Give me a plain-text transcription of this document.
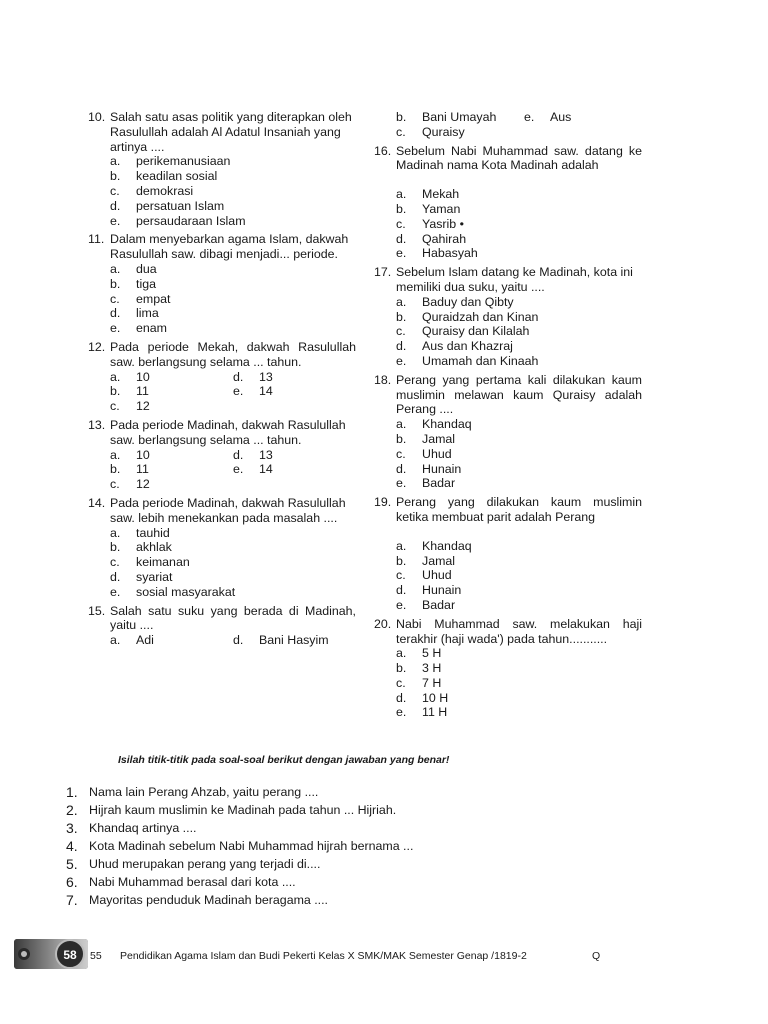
10. Salah satu asas politik yang diterapkan oleh
Rasulullah adalah Al Adatul Insaniah yang
artinya ....
a.	perikemanusiaan
b.	keadilan sosial
c.	demokrasi
d.	persatuan Islam
e.	persaudaraan Islam
11. Dalam menyebarkan agama Islam, dakwah
Rasulullah saw. dibagi menjadi... periode.
a.	dua
b.	tiga
c.	empat
d.	lima
e.	enam
12. Pada periode Mekah, dakwah Rasulullah saw. berlangsung selama ... tahun.
a.	10	d.	13
b.	11	e.	14
c.	12
13. Pada periode Madinah, dakwah Rasulullah
saw. berlangsung selama ... tahun.
a.	10	d.	13
b.	11	e.	14
c.	12
14. Pada periode Madinah, dakwah Rasulullah
saw. lebih menekankan pada masalah ....
a.	tauhid
b.	akhlak
c.	keimanan
d.	syariat
e.	sosial masyarakat
15. Salah satu suku yang berada di Madinah, yaitu ....
a.	Adi	d.	Bani Hasyim
b.	Bani Umayah e.	Aus
c.	Quraisy
16. Sebelum Nabi Muhammad saw. datang ke Madinah nama Kota Madinah adalah
a.	Mekah
b.	Yaman
c.	Yasrib •
d.	Qahirah
e.	Habasyah
17. Sebelum Islam datang ke Madinah, kota ini
memiliki dua suku, yaitu ....
a.	Baduy dan Qibty
b.	Quraidzah dan Kinan
c.	Quraisy dan Kilalah
d.	Aus dan Khazraj
e.	Umamah dan Kinaah
18. Perang yang pertama kali dilakukan kaum muslimin melawan kaum Quraisy adalah Perang ....
a.	Khandaq
b.	Jamal
c.	Uhud
d.	Hunain
e.	Badar
19. Perang yang dilakukan kaum muslimin ketika membuat parit adalah Perang
a.	Khandaq
b.	Jamal
c.	Uhud
d.	Hunain
e.	Badar
20. Nabi Muhammad saw. melakukan haji terakhir (haji wada') pada tahun...........
a.	5 H
b.	3 H
c.	7 H
d.	10 H
e.	11 H
Isilah titik-titik pada soal-soal berikut dengan jawaban yang benar!
1. Nama lain Perang Ahzab, yaitu perang ....
2. Hijrah kaum muslimin ke Madinah pada tahun ... Hijriah.
3. Khandaq artinya ....
4. Kota Madinah sebelum Nabi Muhammad hijrah bernama ...
5. Uhud merupakan perang yang terjadi di....
6. Nabi Muhammad berasal dari kota ....
7. Mayoritas penduduk Madinah beragama ....
58 55 Pendidikan Agama Islam dan Budi Pekerti Kelas X SMK/MAK Semester Genap /1819-2	Q
